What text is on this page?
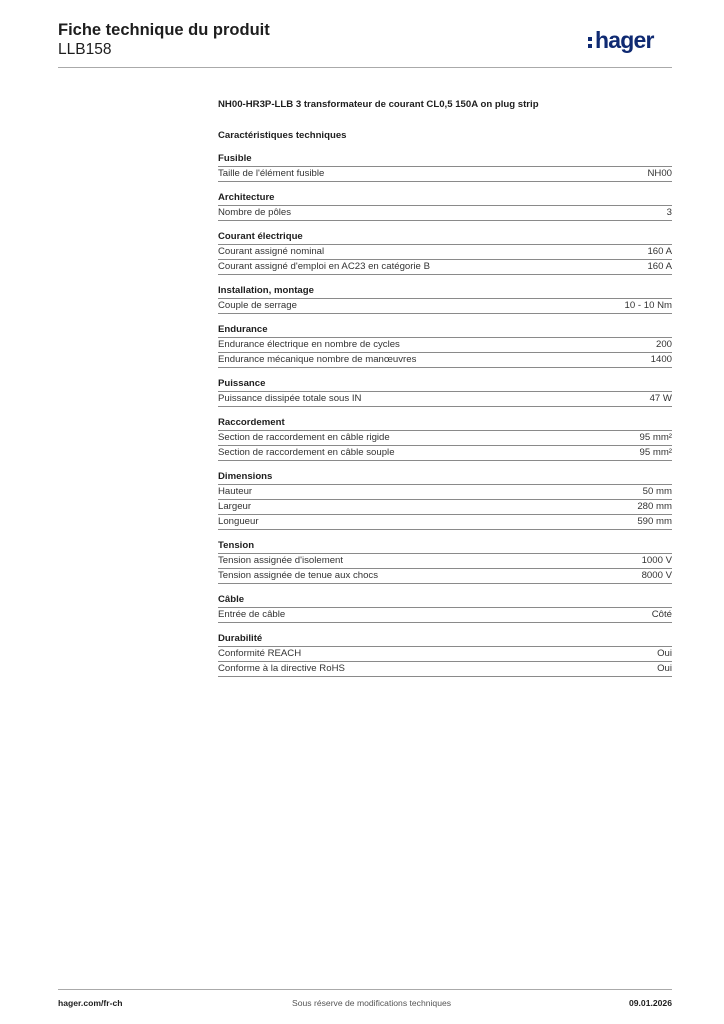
Fiche technique du produit
LLB158	hager
NH00-HR3P-LLB 3 transformateur de courant CL0,5 150A on plug strip
Caractéristiques techniques
Fusible
Taille de l'élément fusible	NH00
Architecture
Nombre de pôles	3
Courant électrique
Courant assigné nominal	160 A
Courant assigné d'emploi en AC23 en catégorie B	160 A
Installation, montage
Couple de serrage	10 - 10 Nm
Endurance
Endurance électrique en nombre de cycles	200
Endurance mécanique nombre de manœuvres	1400
Puissance
Puissance dissipée totale sous IN	47 W
Raccordement
Section de raccordement en câble rigide	95 mm²
Section de raccordement en câble souple	95 mm²
Dimensions
Hauteur	50 mm
Largeur	280 mm
Longueur	590 mm
Tension
Tension assignée d'isolement	1000 V
Tension assignée de tenue aux chocs	8000 V
Câble
Entrée de câble	Côté
Durabilité
Conformité REACH	Oui
Conforme à la directive RoHS	Oui
hager.com/fr-ch	Sous réserve de modifications techniques	09.01.2026
